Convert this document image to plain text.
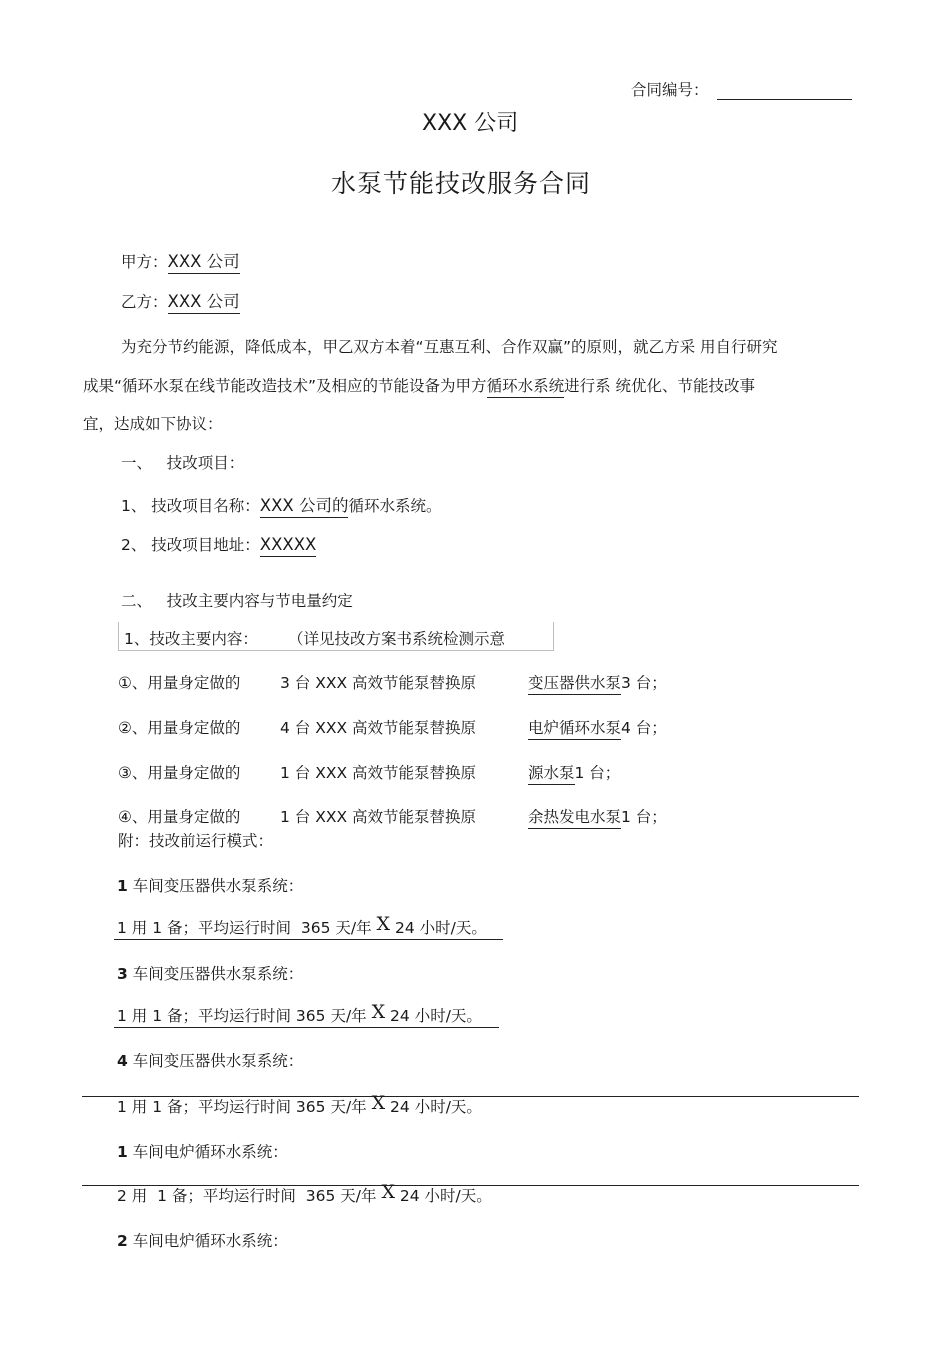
合同编号：
XXX 公司
水泵节能技改服务合同
甲方：XXX 公司
乙方：XXX 公司
为充分节约能源，降低成本，甲乙双方本着“互惠互利、合作双赢”的原则，就乙方采 用自行研究
成果“循环水泵在线节能改造技术”及相应的节能设备为甲方循环水系统进行系 统优化、节能技改事
宜，达成如下协议：
一、   技改项目：
1、 技改项目名称：XXX 公司的循环水系统。
2、 技改项目地址：XXXXX
二、   技改主要内容与节电量约定
1、技改主要内容： （详见技改方案书系统检测示意
①、用量身定做的	3 台 XXX 高效节能泵替换原	变压器供水泵3 台；
②、用量身定做的	4 台 XXX 高效节能泵替换原	电炉循环水泵4 台；
③、用量身定做的	1 台 XXX 高效节能泵替换原	源水泵1 台；
④、用量身定做的	1 台 XXX 高效节能泵替换原	余热发电水泵1 台；
附：技改前运行模式：
1 车间变压器供水泵系统：
1 用 1 备；平均运行时间  365 天/年 X 24 小时/天。
3 车间变压器供水泵系统：
1 用 1 备；平均运行时间 365 天/年 X 24 小时/天。
4 车间变压器供水泵系统：
1 用 1 备；平均运行时间 365 天/年 X 24 小时/天。
1 车间电炉循环水系统：
2 用  1 备；平均运行时间  365 天/年 X 24 小时/天。
2 车间电炉循环水系统：
